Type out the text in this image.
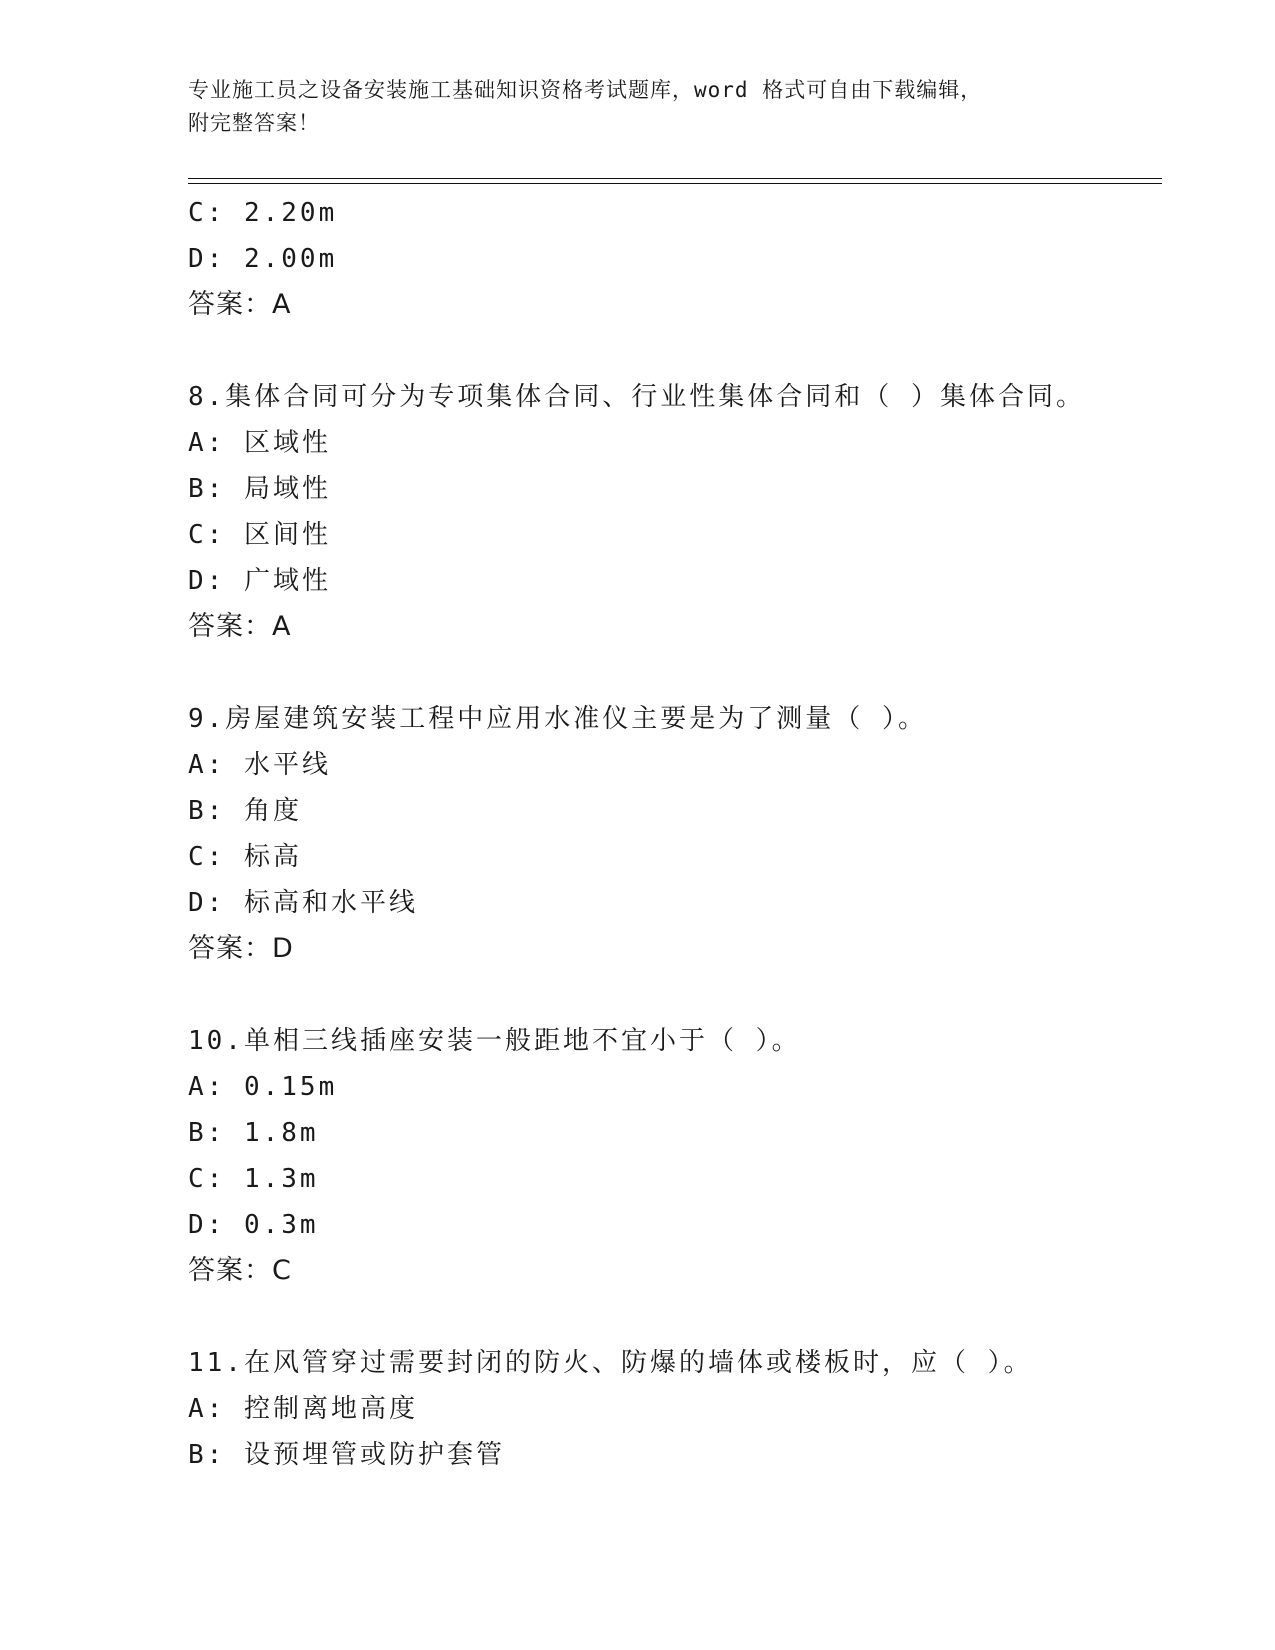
专业施工员之设备安装施工基础知识资格考试题库，word 格式可自由下载编辑，
附完整答案！
C: 2.20m
D: 2.00m
答案：A
8.集体合同可分为专项集体合同、行业性集体合同和（ ）集体合同。
A: 区域性
B: 局域性
C: 区间性
D: 广域性
答案：A
9.房屋建筑安装工程中应用水准仪主要是为了测量（ ）。
A: 水平线
B: 角度
C: 标高
D: 标高和水平线
答案：D
10.单相三线插座安装一般距地不宜小于（ ）。
A: 0.15m
B: 1.8m
C: 1.3m
D: 0.3m
答案：C
11.在风管穿过需要封闭的防火、防爆的墙体或楼板时，应（ ）。
A: 控制离地高度
B: 设预埋管或防护套管
